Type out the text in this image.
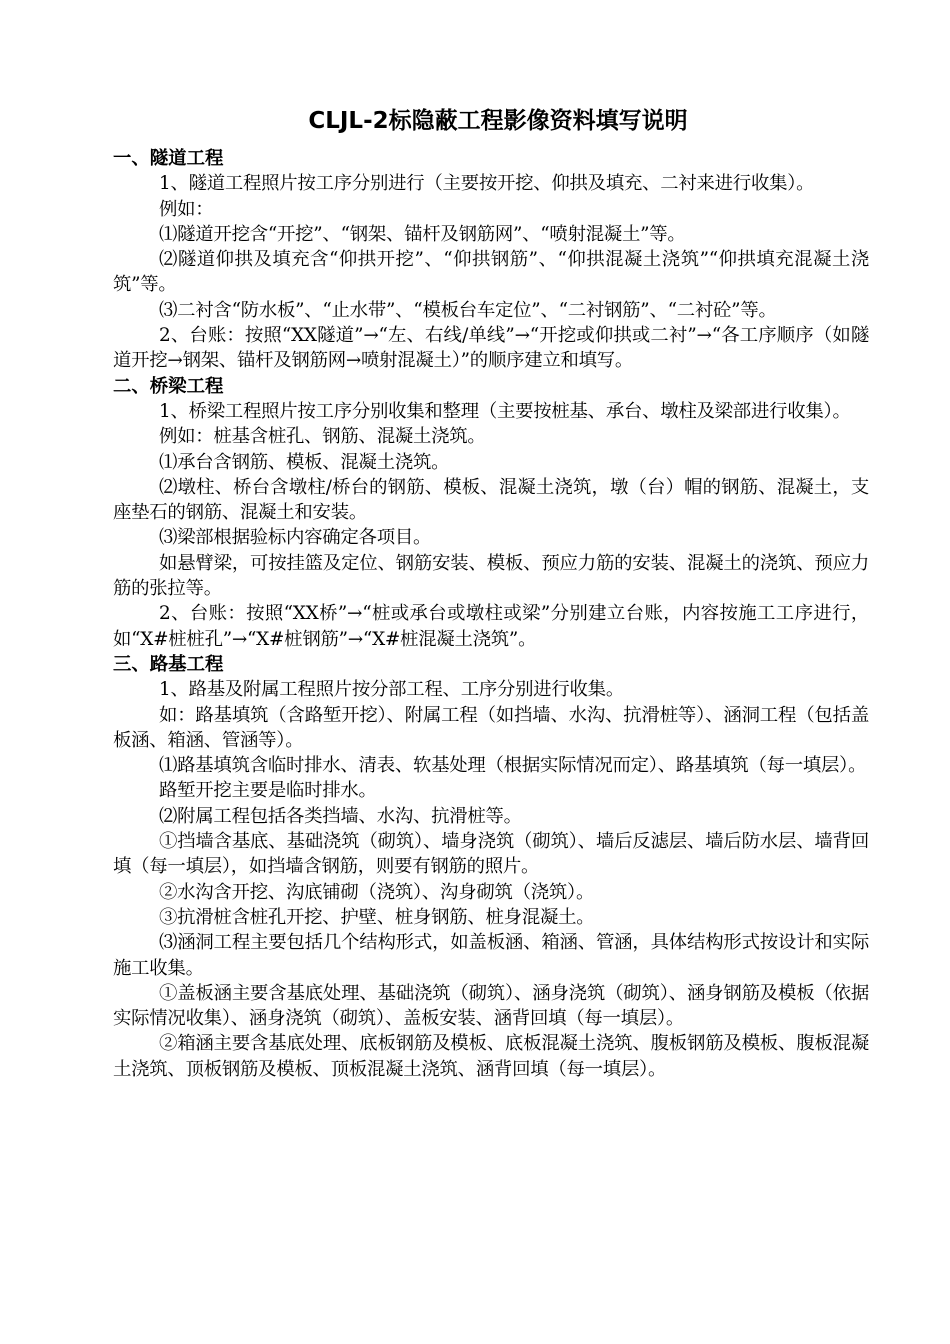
CLJL-2标隐蔽工程影像资料填写说明
一、隧道工程
1、隧道工程照片按工序分别进行（主要按开挖、仰拱及填充、二衬来进行收集）。
例如：
⑴隧道开挖含“开挖”、“钢架、锚杆及钢筋网”、“喷射混凝土”等。
⑵隧道仰拱及填充含“仰拱开挖”、“仰拱钢筋”、“仰拱混凝土浇筑”“仰拱填充混凝土浇筑”等。
⑶二衬含“防水板”、“止水带”、“模板台车定位”、“二衬钢筋”、“二衬砼”等。
2、台账：按照“XX隧道”→“左、右线/单线”→“开挖或仰拱或二衬”→“各工序顺序（如隧道开挖→钢架、锚杆及钢筋网→喷射混凝土）”的顺序建立和填写。
二、桥梁工程
1、桥梁工程照片按工序分别收集和整理（主要按桩基、承台、墩柱及梁部进行收集）。
例如：桩基含桩孔、钢筋、混凝土浇筑。
⑴承台含钢筋、模板、混凝土浇筑。
⑵墩柱、桥台含墩柱/桥台的钢筋、模板、混凝土浇筑，墩（台）帽的钢筋、混凝土，支座垫石的钢筋、混凝土和安装。
⑶梁部根据验标内容确定各项目。
如悬臂梁，可按挂篮及定位、钢筋安装、模板、预应力筋的安装、混凝土的浇筑、预应力筋的张拉等。
2、台账：按照“XX桥”→“桩或承台或墩柱或梁”分别建立台账，内容按施工工序进行，如“X#桩桩孔”→“X#桩钢筋”→“X#桩混凝土浇筑”。
三、路基工程
1、路基及附属工程照片按分部工程、工序分别进行收集。
如：路基填筑（含路堑开挖）、附属工程（如挡墙、水沟、抗滑桩等）、涵洞工程（包括盖板涵、箱涵、管涵等）。
⑴路基填筑含临时排水、清表、软基处理（根据实际情况而定）、路基填筑（每一填层）。
路堑开挖主要是临时排水。
⑵附属工程包括各类挡墙、水沟、抗滑桩等。
①挡墙含基底、基础浇筑（砌筑）、墙身浇筑（砌筑）、墙后反滤层、墙后防水层、墙背回填（每一填层），如挡墙含钢筋，则要有钢筋的照片。
②水沟含开挖、沟底铺砌（浇筑）、沟身砌筑（浇筑）。
③抗滑桩含桩孔开挖、护壁、桩身钢筋、桩身混凝土。
⑶涵洞工程主要包括几个结构形式，如盖板涵、箱涵、管涵，具体结构形式按设计和实际施工收集。
①盖板涵主要含基底处理、基础浇筑（砌筑）、涵身浇筑（砌筑）、涵身钢筋及模板（依据实际情况收集）、涵身浇筑（砌筑）、盖板安装、涵背回填（每一填层）。
②箱涵主要含基底处理、底板钢筋及模板、底板混凝土浇筑、腹板钢筋及模板、腹板混凝土浇筑、顶板钢筋及模板、顶板混凝土浇筑、涵背回填（每一填层）。
